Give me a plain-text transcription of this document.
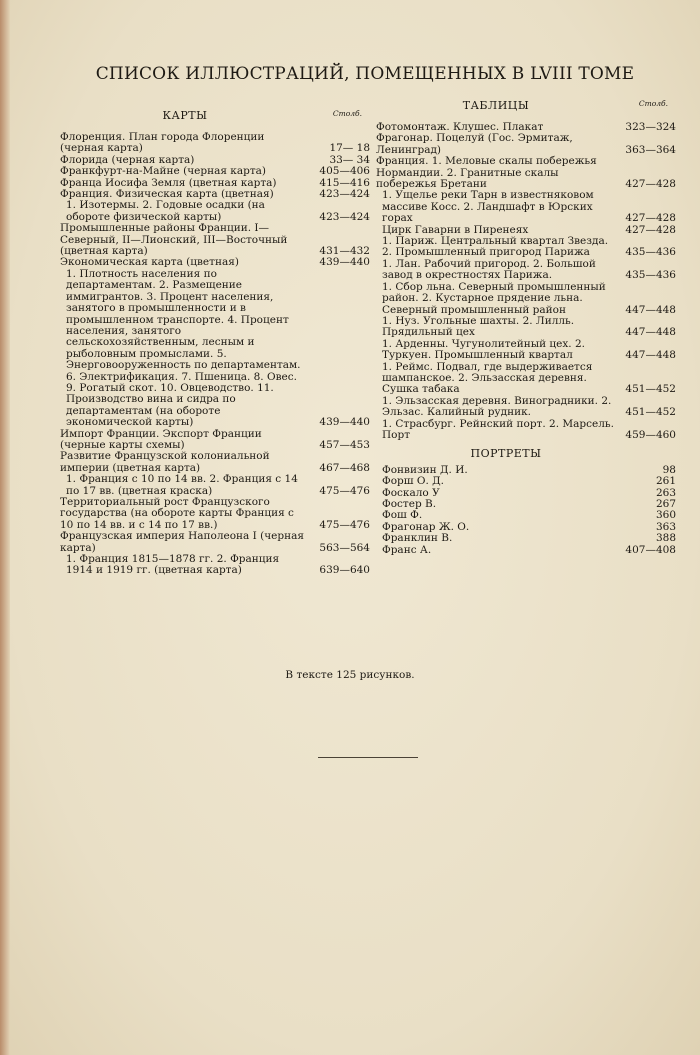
СПИСОК ИЛЛЮСТРАЦИЙ, ПОМЕЩЕННЫХ В LVIII ТОМЕ
КАРТЫ	Столб.
Флоренция. План города Флоренции (черная карта)	17— 18
Флорида (черная карта)	33— 34
Франкфурт-на-Майне (черная карта)	405—406
Франца Иосифа Земля (цветная карта)	415—416
Франция. Физическая карта (цветная)	423—424
1. Изотермы. 2. Годовые осадки (на обороте физической карты)	423—424
Промышленные районы Франции. I—Северный, II—Лионский, III—Восточный (цветная карта)	431—432
Экономическая карта (цветная)	439—440
1. Плотность населения по департаментам. 2. Размещение иммигрантов. 3. Процент населения, занятого в промышленности и в промышленном транспорте. 4. Процент населения, занятого сельскохозяйственным, лесным и рыболовным промыслами. 5. Энерговооруженность по департаментам. 6. Электрификация. 7. Пшеница. 8. Овес. 9. Рогатый скот. 10. Овцеводство. 11. Производство вина и сидра по департаментам (на обороте экономической карты)	439—440
Импорт Франции. Экспорт Франции (черные карты схемы)	457—453
Развитие Французской колониальной империи (цветная карта)	467—468
1. Франция с 10 по 14 вв. 2. Франция с 14 по 17 вв. (цветная краска)	475—476
Территориальный рост Французского государства (на обороте карты Франция с 10 по 14 вв. и с 14 по 17 вв.)	475—476
Французская империя Наполеона I (черная карта)	563—564
1. Франция 1815—1878 гг. 2. Франция 1914 и 1919 гг. (цветная карта)	639—640
ТАБЛИЦЫ	Столб.
Фотомонтаж. Клушес. Плакат	323—324
Фрагонар. Поцелуй (Гос. Эрмитаж, Ленинград)	363—364
Франция. 1. Меловые скалы побережья Нормандии. 2. Гранитные скалы побережья Бретани	427—428
1. Ущелье реки Тарн в известняковом массиве Косс. 2. Ландшафт в Юрских горах	427—428
Цирк Гаварни в Пиренеях	427—428
1. Париж. Центральный квартал Звезда. 2. Промышленный пригород Парижа	435—436
1. Лан. Рабочий пригород. 2. Большой завод в окрестностях Парижа.	435—436
1. Сбор льна. Северный промышленный район. 2. Кустарное прядение льна. Северный промышленный район	447—448
1. Нуз. Угольные шахты. 2. Лилль. Прядильный цех	447—448
1. Арденны. Чугунолитейный цех. 2. Туркуен. Промышленный квартал	447—448
1. Реймс. Подвал, где выдерживается шампанское. 2. Эльзасская деревня. Сушка табака	451—452
1. Эльзасская деревня. Виноградники. 2. Эльзас. Калийный рудник.	451—452
1. Страсбург. Рейнский порт. 2. Марсель. Порт	459—460
ПОРТРЕТЫ
Фонвизин Д. И.	98
Форш О. Д.	261
Фоскало У	263
Фостер В.	267
Фош Ф.	360
Фрагонар Ж. О.	363
Франклин В.	388
Франс А.	407—408
В тексте 125 рисунков.
